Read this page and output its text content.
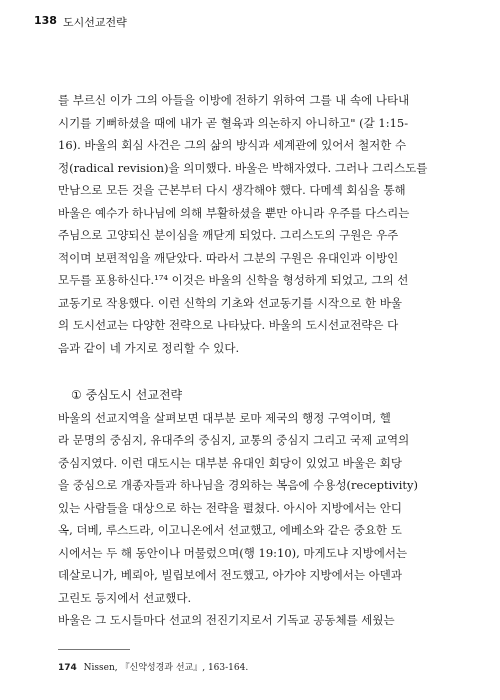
138 도시선교전략

를 부르신 이가 그의 아들을 이방에 전하기 위하여 그를 내 속에 나타내
시기를 기뻐하셨을 때에 내가 곧 혈육과 의논하지 아니하고" (갈 1:15-
16). 바울의 회심 사건은 그의 삶의 방식과 세계관에 있어서 철저한 수
정(radical revision)을 의미했다. 바울은 박해자였다. 그러나 그리스도를
만남으로 모든 것을 근본부터 다시 생각해야 했다. 다메섹 회심을 통해
바울은 예수가 하나님에 의해 부활하셨을 뿐만 아니라 우주를 다스리는
주님으로 고양되신 분이심을 깨닫게 되었다. 그리스도의 구원은 우주
적이며 보편적임을 깨닫았다. 따라서 그분의 구원은 유대인과 이방인
모두를 포용하신다.¹⁷⁴ 이것은 바울의 신학을 형성하게 되었고, 그의 선
교동기로 작용했다. 이런 신학의 기초와 선교동기를 시작으로 한 바울
의 도시선교는 다양한 전략으로 나타났다. 바울의 도시선교전략은 다
음과 같이 네 가지로 정리할 수 있다.

① 중심도시 선교전략

바울의 선교지역을 살펴보면 대부분 로마 제국의 행정 구역이며, 헬
라 문명의 중심지, 유대주의 중심지, 교통의 중심지 그리고 국제 교역의
중심지였다. 이런 대도시는 대부분 유대인 회당이 있었고 바울은 회당
을 중심으로 개종자들과 하나님을 경외하는 복음에 수용성(receptivity)
있는 사람들을 대상으로 하는 전략을 펼쳤다. 아시아 지방에서는 안디
옥, 더베, 루스드라, 이고니온에서 선교했고, 에베소와 같은 중요한 도
시에서는 두 해 동안이나 머물렀으며(행 19:10), 마게도냐 지방에서는
데살로니가, 베뢰아, 빌립보에서 전도했고, 아가야 지방에서는 아덴과
고린도 등지에서 선교했다.
바울은 그 도시들마다 선교의 전진기지로서 기독교 공동체를 세웠는

174 Nissen, 『신약성경과 선교』, 163-164.
